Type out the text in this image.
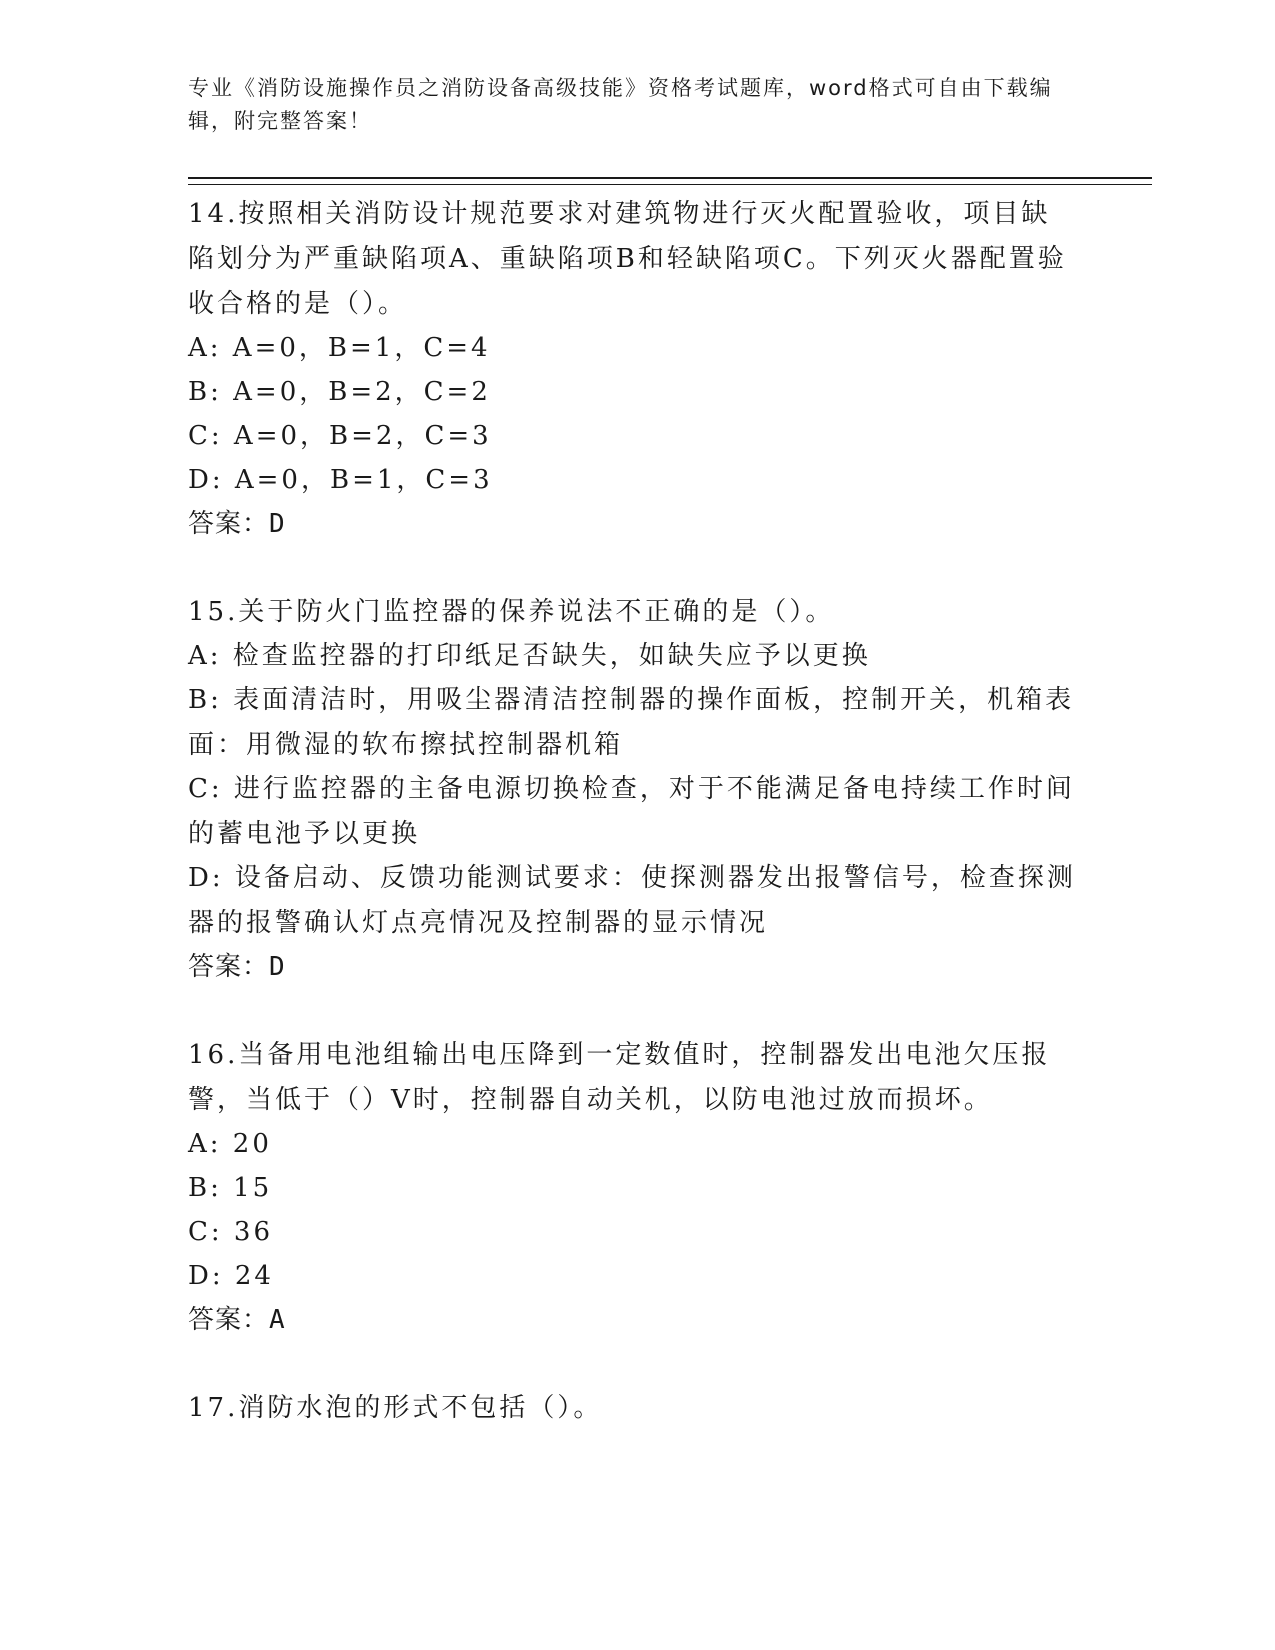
专业《消防设施操作员之消防设备高级技能》资格考试题库，word格式可自由下载编辑，附完整答案！
14.按照相关消防设计规范要求对建筑物进行灭火配置验收，项目缺陷划分为严重缺陷项A、重缺陷项B和轻缺陷项C。下列灭火器配置验收合格的是（）。
A: A=0，B=1，C=4
B: A=0，B=2，C=2
C: A=0，B=2，C=3
D: A=0，B=1，C=3
答案：D
15.关于防火门监控器的保养说法不正确的是（）。
A: 检查监控器的打印纸足否缺失，如缺失应予以更换
B: 表面清洁时，用吸尘器清洁控制器的操作面板，控制开关，机箱表面：用微湿的软布擦拭控制器机箱
C: 进行监控器的主备电源切换检查，对于不能满足备电持续工作时间的蓄电池予以更换
D: 设备启动、反馈功能测试要求：使探测器发出报警信号，检查探测器的报警确认灯点亮情况及控制器的显示情况
答案：D
16.当备用电池组输出电压降到一定数值时，控制器发出电池欠压报警，当低于（）V时，控制器自动关机，以防电池过放而损坏。
A: 20
B: 15
C: 36
D: 24
答案：A
17.消防水泡的形式不包括（）。
